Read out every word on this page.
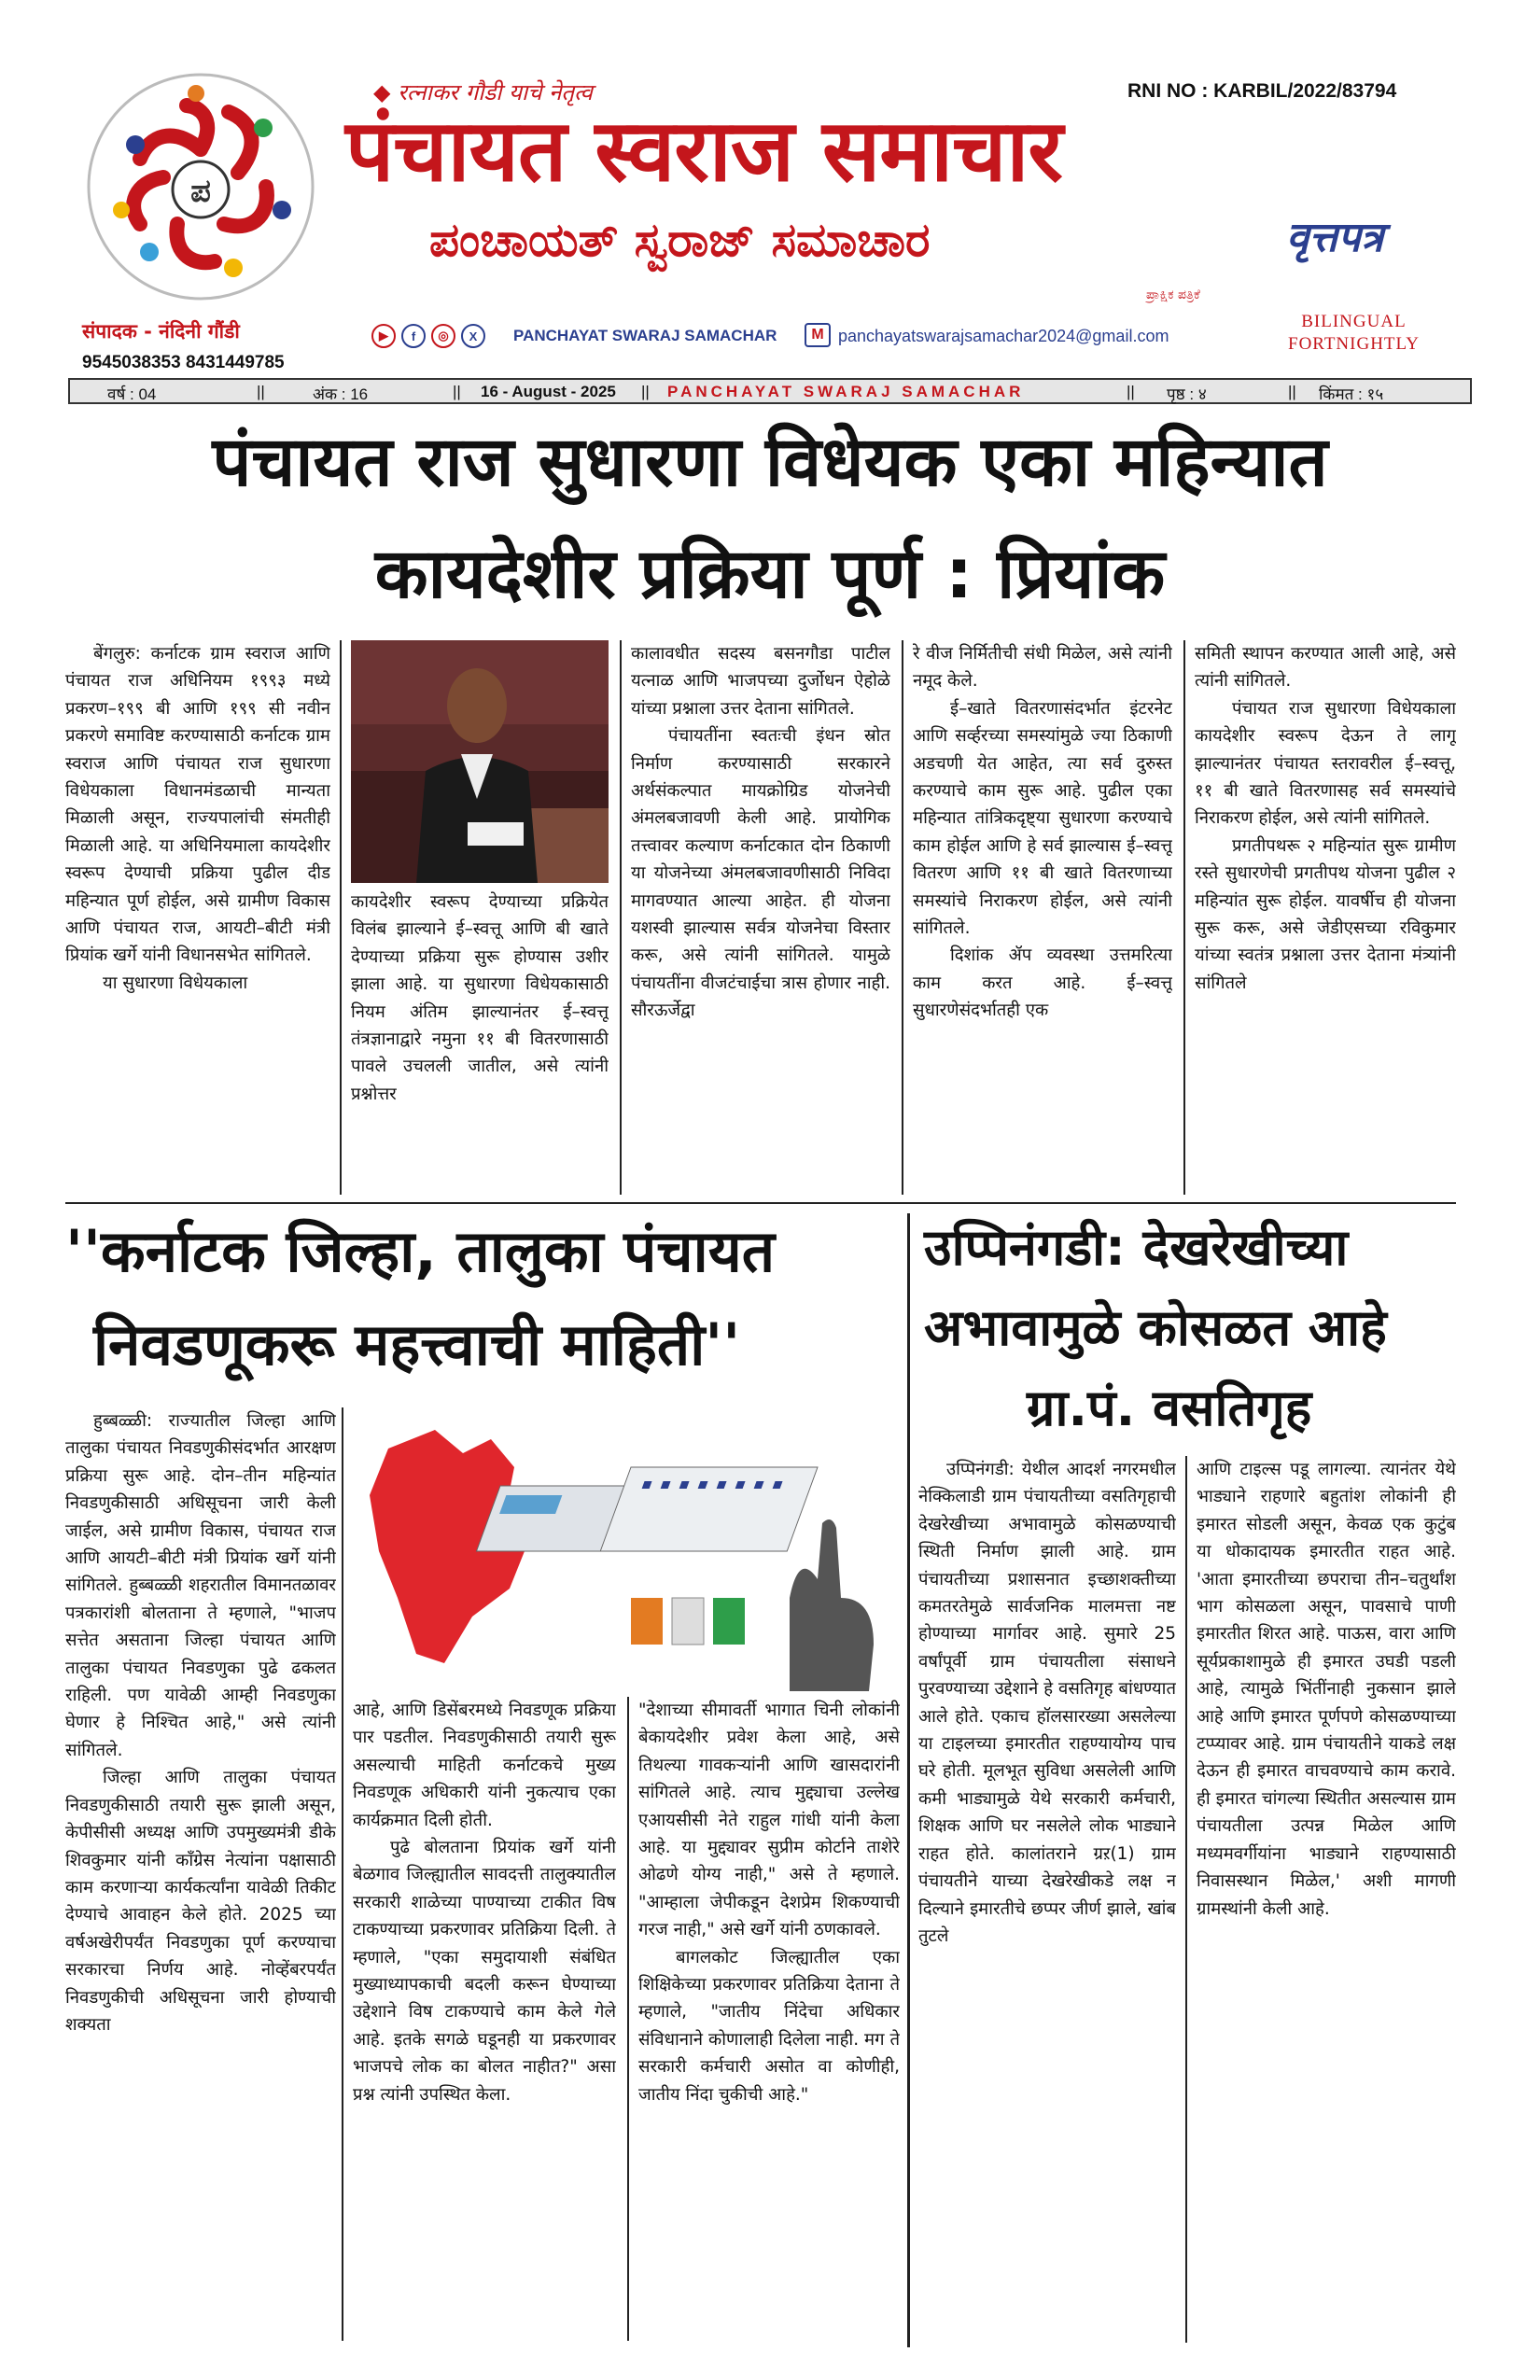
ಪ
◆ रत्नाकर गौडी याचे नेतृत्व	RNI NO : KARBIL/2022/83794
पंचायत स्वराज समाचार
ಪಂಚಾಯತ್ ಸ್ವರಾಜ್ ಸಮಾಚಾರ
ಪ್ರಾಕ್ಷಿಕ ಪತ್ರಿಕೆ
वृत्तपत्र
संपादक - नंदिनी गौंडी
9545038353 8431449785
▶	f	◎	X	PANCHAYAT SWARAJ SAMACHAR	M panchayatswarajsamachar2024@gmail.com
BILINGUAL
FORTNIGHTLY
वर्ष : 04	||	अंक : 16	|| 16 - August - 2025 || PANCHAYAT SWARAJ SAMACHAR	|| पृष्ठ : ४	|| किंमत : १५
पंचायत राज सुधारणा विधेयक एका महिन्यात
कायदेशीर प्रक्रिया पूर्ण : प्रियांक

बेंगलुरु: कर्नाटक ग्राम स्वराज आणि पंचायत राज अधिनियम १९९३ मध्ये प्रकरण–१९९ बी आणि १९९ सी नवीन प्रकरणे समाविष्ट करण्यासाठी कर्नाटक ग्राम स्वराज आणि पंचायत राज सुधारणा विधेयकाला विधानमंडळाची मान्यता मिळाली असून, राज्यपालांची संमतीही मिळाली आहे. या अधिनियमाला कायदेशीर स्वरूप देण्याची प्रक्रिया पुढील दीड महिन्यात पूर्ण होईल, असे ग्रामीण विकास आणि पंचायत राज, आयटी–बीटी मंत्री प्रियांक खर्गे यांनी विधानसभेत सांगितले.

या सुधारणा विधेयकाला

कायदेशीर स्वरूप देण्याच्या प्रक्रियेत विलंब झाल्याने ई–स्वत्तू आणि बी खाते देण्याच्या प्रक्रिया सुरू होण्यास उशीर झाला आहे. या सुधारणा विधेयकासाठी नियम अंतिम झाल्यानंतर ई–स्वत्तू तंत्रज्ञानाद्वारे नमुना ११ बी वितरणासाठी पावले उचलली जातील, असे त्यांनी प्रश्नोत्तर

कालावधीत सदस्य बसनगौडा पाटील यत्नाळ आणि भाजपच्या दुर्जोधन ऐहोळे यांच्या प्रश्नाला उत्तर देताना सांगितले.

पंचायतींना स्वतःची इंधन स्रोत निर्माण करण्यासाठी सरकारने अर्थसंकल्पात मायक्रोग्रिड योजनेची अंमलबजावणी केली आहे. प्रायोगिक तत्त्वावर कल्याण कर्नाटकात दोन ठिकाणी या योजनेच्या अंमलबजावणीसाठी निविदा मागवण्यात आल्या आहेत. ही योजना यशस्वी झाल्यास सर्वत्र योजनेचा विस्तार करू, असे त्यांनी सांगितले. यामुळे पंचायतींना वीजटंचाईचा त्रास होणार नाही. सौरऊर्जेद्वा

रे वीज निर्मितीची संधी मिळेल, असे त्यांनी नमूद केले.

ई–खाते वितरणासंदर्भात इंटरनेट आणि सर्व्हरच्या समस्यांमुळे ज्या ठिकाणी अडचणी येत आहेत, त्या सर्व दुरुस्त करण्याचे काम सुरू आहे. पुढील एका महिन्यात तांत्रिकदृष्ट्या सुधारणा करण्याचे काम होईल आणि हे सर्व झाल्यास ई–स्वत्तू वितरण आणि ११ बी खाते वितरणाच्या समस्यांचे निराकरण होईल, असे त्यांनी सांगितले.

दिशांक ॲप व्यवस्था उत्तमरित्या काम करत आहे. ई–स्वत्तू सुधारणेसंदर्भातही एक

समिती स्थापन करण्यात आली आहे, असे त्यांनी सांगितले.

पंचायत राज सुधारणा विधेयकाला कायदेशीर स्वरूप देऊन ते लागू झाल्यानंतर पंचायत स्तरावरील ई–स्वत्तू, ११ बी खाते वितरणासह सर्व समस्यांचे निराकरण होईल, असे त्यांनी सांगितले.

प्रगतीपथरू २ महिन्यांत सुरू ग्रामीण रस्ते सुधारणेची प्रगतीपथ योजना पुढील २ महिन्यांत सुरू होईल. यावर्षीच ही योजना सुरू करू, असे जेडीएसच्या रविकुमार यांच्या स्वतंत्र प्रश्नाला उत्तर देताना मंत्र्यांनी सांगितले

''कर्नाटक जिल्हा, तालुका पंचायत
निवडणूकरू महत्त्वाची माहिती''

हुब्बळ्ळी: राज्यातील जिल्हा आणि तालुका पंचायत निवडणुकीसंदर्भात आरक्षण प्रक्रिया सुरू आहे. दोन–तीन महिन्यांत निवडणुकीसाठी अधिसूचना जारी केली जाईल, असे ग्रामीण विकास, पंचायत राज आणि आयटी–बीटी मंत्री प्रियांक खर्गे यांनी सांगितले. हुब्बळ्ळी शहरातील विमानतळावर पत्रकारांशी बोलताना ते म्हणाले, "भाजप सत्तेत असताना जिल्हा पंचायत आणि तालुका पंचायत निवडणुका पुढे ढकलत राहिली. पण यावेळी आम्ही निवडणुका घेणार हे निश्चित आहे," असे त्यांनी सांगितले.

जिल्हा आणि तालुका पंचायत निवडणुकीसाठी तयारी सुरू झाली असून, केपीसीसी अध्यक्ष आणि उपमुख्यमंत्री डीके शिवकुमार यांनी काँग्रेस नेत्यांना पक्षासाठी काम करणाऱ्या कार्यकर्त्यांना यावेळी तिकीट देण्याचे आवाहन केले होते. 2025 च्या वर्षअखेरीपर्यंत निवडणुका पूर्ण करण्याचा सरकारचा निर्णय आहे. नोव्हेंबरपर्यंत निवडणुकीची अधिसूचना जारी होण्याची शक्यता

आहे, आणि डिसेंबरमध्ये निवडणूक प्रक्रिया पार पडतील. निवडणुकीसाठी तयारी सुरू असल्याची माहिती कर्नाटकचे मुख्य निवडणूक अधिकारी यांनी नुकत्याच एका कार्यक्रमात दिली होती.

पुढे बोलताना प्रियांक खर्गे यांनी बेळगाव जिल्ह्यातील सावदत्ती तालुक्यातील सरकारी शाळेच्या पाण्याच्या टाकीत विष टाकण्याच्या प्रकरणावर प्रतिक्रिया दिली. ते म्हणाले, "एका समुदायाशी संबंधित मुख्याध्यापकाची बदली करून घेण्याच्या उद्देशाने विष टाकण्याचे काम केले गेले आहे. इतके सगळे घडूनही या प्रकरणावर भाजपचे लोक का बोलत नाहीत?" असा प्रश्न त्यांनी उपस्थित केला.

"देशाच्या सीमावर्ती भागात चिनी लोकांनी बेकायदेशीर प्रवेश केला आहे, असे तिथल्या गावकऱ्यांनी आणि खासदारांनी सांगितले आहे. त्याच मुद्द्याचा उल्लेख एआयसीसी नेते राहुल गांधी यांनी केला आहे. या मुद्द्यावर सुप्रीम कोर्टाने ताशेरे ओढणे योग्य नाही," असे ते म्हणाले. "आम्हाला जेपीकडून देशप्रेम शिकण्याची गरज नाही," असे खर्गे यांनी ठणकावले.

बागलकोट जिल्ह्यातील एका शिक्षिकेच्या प्रकरणावर प्रतिक्रिया देताना ते म्हणाले, "जातीय निंदेचा अधिकार संविधानाने कोणालाही दिलेला नाही. मग ते सरकारी कर्मचारी असोत वा कोणीही, जातीय निंदा चुकीची आहे."

उप्पिनंगडी: देखरेखीच्या
अभावामुळे कोसळत आहे
ग्रा.पं. वसतिगृह

उप्पिनंगडी: येथील आदर्श नगरमधील नेक्किलाडी ग्राम पंचायतीच्या वसतिगृहाची देखरेखीच्या अभावामुळे कोसळण्याची स्थिती निर्माण झाली आहे. ग्राम पंचायतीच्या प्रशासनात इच्छाशक्तीच्या कमतरतेमुळे सार्वजनिक मालमत्ता नष्ट होण्याच्या मार्गावर आहे. सुमारे 25 वर्षांपूर्वी ग्राम पंचायतीला संसाधने पुरवण्याच्या उद्देशाने हे वसतिगृह बांधण्यात आले होते. एकाच हॉलसारख्या असलेल्या या टाइलच्या इमारतीत राहण्यायोग्य पाच घरे होती. मूलभूत सुविधा असलेली आणि कमी भाड्यामुळे येथे सरकारी कर्मचारी, शिक्षक आणि घर नसलेले लोक भाड्याने राहत होते. कालांतराने ग्रऱ(1) ग्राम पंचायतीने याच्या देखरेखीकडे लक्ष न दिल्याने इमारतीचे छप्पर जीर्ण झाले, खांब तुटले

आणि टाइल्स पडू लागल्या. त्यानंतर येथे भाड्याने राहणारे बहुतांश लोकांनी ही इमारत सोडली असून, केवळ एक कुटुंब या धोकादायक इमारतीत राहत आहे. 'आता इमारतीच्या छपराचा तीन–चतुर्थांश भाग कोसळला असून, पावसाचे पाणी इमारतीत शिरत आहे. पाऊस, वारा आणि सूर्यप्रकाशामुळे ही इमारत उघडी पडली आहे, त्यामुळे भिंतींनाही नुकसान झाले आहे आणि इमारत पूर्णपणे कोसळण्याच्या टप्प्यावर आहे. ग्राम पंचायतीने याकडे लक्ष देऊन ही इमारत वाचवण्याचे काम करावे. ही इमारत चांगल्या स्थितीत असल्यास ग्राम पंचायतीला उत्पन्न मिळेल आणि मध्यमवर्गीयांना भाड्याने राहण्यासाठी निवासस्थान मिळेल,' अशी मागणी ग्रामस्थांनी केली आहे.
